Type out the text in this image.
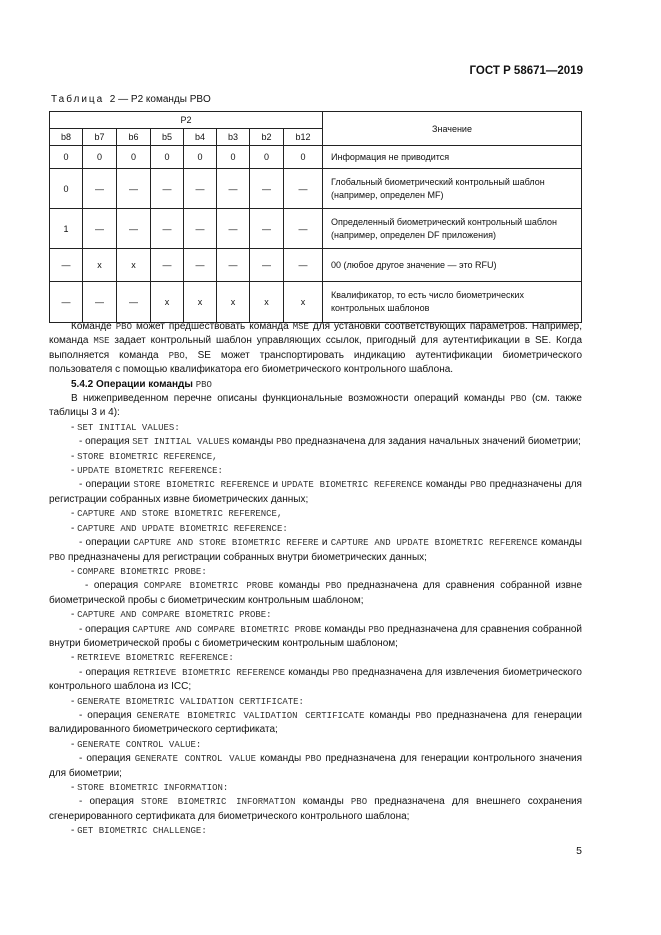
ГОСТ Р 58671—2019
Таблица 2 — P2 команды PBO
P2								Значение
b8	b7	b6	b5	b4	b3	b2	b12	
0	0	0	0	0	0	0	0	Информация не приводится
0	—	—	—	—	—	—	—	Глобальный биометрический контрольный шаблон (например, определен MF)
1	—	—	—	—	—	—	—	Определенный биометрический контрольный шаблон (например, определен DF приложения)
—	x	x	—	—	—	—	—	00 (любое другое значение — это RFU)
—	—	—	x	x	x	x	x	Квалификатор, то есть число биометрических контрольных шаблонов

Команде PBO может предшествовать команда MSE для установки соответствующих параметров. Например, команда MSE задает контрольный шаблон управляющих ссылок, пригодный для аутентификации в SE. Когда выполняется команда PBO, SE может транспортировать индикацию аутентификации биометрического пользователя с помощью квалификатора его биометрического контрольного шаблона.

5.4.2 Операции команды PBO

В нижеприведенном перечне описаны функциональные возможности операций команды PBO (см. также таблицы 3 и 4):

- SET INITIAL VALUES:

- операция SET INITIAL VALUES команды PBO предназначена для задания начальных значений биометрии;

- STORE BIOMETRIC REFERENCE,

- UPDATE BIOMETRIC REFERENCE:

- операции STORE BIOMETRIC REFERENCE и UPDATE BIOMETRIC REFERENCE команды PBO предназначены для регистрации собранных извне биометрических данных;

- CAPTURE AND STORE BIOMETRIC REFERENCE,

- CAPTURE AND UPDATE BIOMETRIC REFERENCE:

- операции CAPTURE AND STORE BIOMETRIC REFERE и CAPTURE AND UPDATE BIOMETRIC REFERENCE команды PBO предназначены для регистрации собранных внутри биометрических данных;

- COMPARE BIOMETRIC PROBE:

- операция COMPARE BIOMETRIC PROBE команды PBO предназначена для сравнения собранной извне биометрической пробы с биометрическим контрольным шаблоном;

- CAPTURE AND COMPARE BIOMETRIC PROBE:

- операция CAPTURE AND COMPARE BIOMETRIC PROBE команды PBO предназначена для сравнения собранной внутри биометрической пробы с биометрическим контрольным шаблоном;

- RETRIEVE BIOMETRIC REFERENCE:

- операция RETRIEVE BIOMETRIC REFERENCE команды PBO предназначена для извлечения биометрического контрольного шаблона из ICC;

- GENERATE BIOMETRIC VALIDATION CERTIFICATE:

- операция GENERATE BIOMETRIC VALIDATION CERTIFICATE команды PBO предназначена для генерации валидированного биометрического сертификата;

- GENERATE CONTROL VALUE:

- операция GENERATE CONTROL VALUE команды PBO предназначена для генерации контрольного значения для биометрии;

- STORE BIOMETRIC INFORMATION:

- операция STORE BIOMETRIC INFORMATION команды PBO предназначена для внешнего сохранения сгенерированного сертификата для биометрического контрольного шаблона;

- GET BIOMETRIC CHALLENGE:

5
